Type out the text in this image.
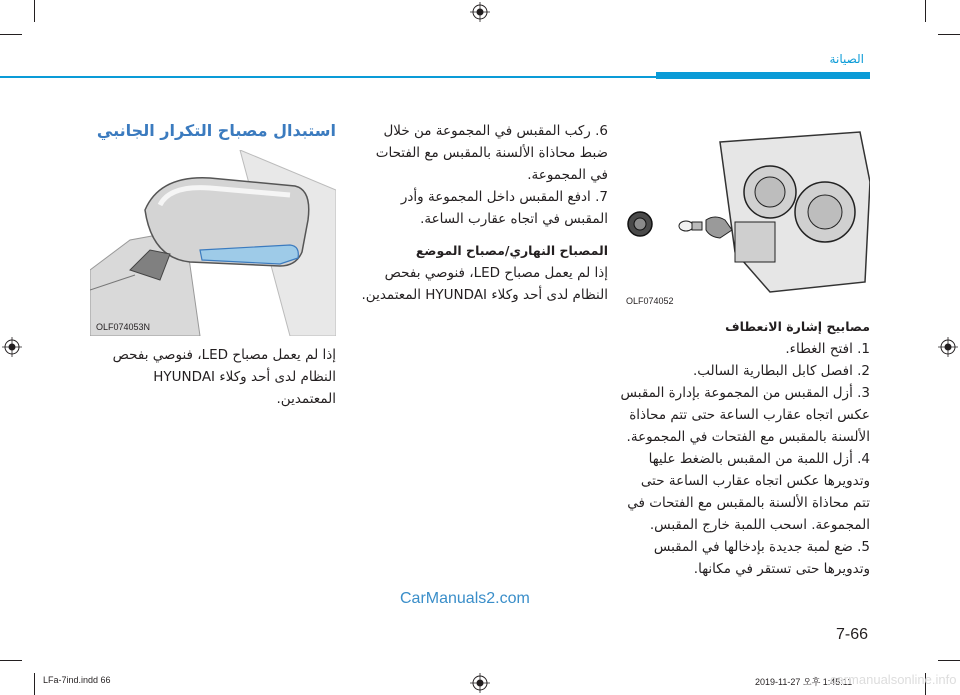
الصيانة
استبدال مصباح التكرار الجانبي
OLF074053N

إذا لم يعمل مصباح LED، فنوصي بفحص النظام لدى أحد وكلاء HYUNDAI المعتمدين.

6. ركب المقبس في المجموعة من خلال ضبط محاذاة الألسنة بالمقبس مع الفتحات في المجموعة.
7. ادفع المقبس داخل المجموعة وأدر المقبس في اتجاه عقارب الساعة.
المصباح النهاري/مصباح الموضع

إذا لم يعمل مصباح LED، فنوصي بفحص النظام لدى أحد وكلاء HYUNDAI المعتمدين. OLF074052
مصابيح إشارة الانعطاف
1. افتح الغطاء.
2. افصل كابل البطارية السالب.
3. أزل المقبس من المجموعة بإدارة المقبس عكس اتجاه عقارب الساعة حتى تتم محاذاة الألسنة بالمقبس مع الفتحات في المجموعة.
4. أزل اللمبة من المقبس بالضغط عليها وتدويرها عكس اتجاه عقارب الساعة حتى تتم محاذاة الألسنة بالمقبس مع الفتحات في المجموعة. اسحب اللمبة خارج المقبس.
5. ضع لمبة جديدة بإدخالها في المقبس وتدويرها حتى تستقر في مكانها.
CarManuals2.com
7-66
LFa-7ind.indd 66	2019-11-27 오후 1:45:11
carmanualsonline.info
